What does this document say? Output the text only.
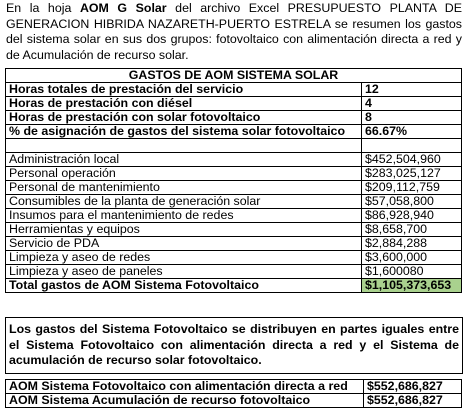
En la hoja AOM G Solar del archivo Excel PRESUPUESTO PLANTA DE GENERACION HIBRIDA NAZARETH-PUERTO ESTRELA se resumen los gastos del sistema solar en sus dos grupos: fotovoltaico con alimentación directa a red y de Acumulación de recurso solar.

GASTOS DE AOM SISTEMA SOLAR	
Horas totales de prestación del servicio	12
Horas de prestación con diésel	4
Horas de prestación con solar fotovoltaico	8
% de asignación de gastos del sistema solar fotovoltaico	66.67%

Administración local	$452,504,960
Personal operación	$283,025,127
Personal de mantenimiento	$209,112,759
Consumibles de la planta de generación solar	$57,058,800
Insumos para el mantenimiento de redes	$86,928,940
Herramientas y equipos	$8,658,700
Servicio de PDA	$2,884,288
Limpieza y aseo de redes	$3,600,000
Limpieza y aseo de paneles	$1,600080
Total gastos de AOM Sistema Fotovoltaico	$1,105,373,653
Los gastos del Sistema Fotovoltaico se distribuyen en partes iguales entre el Sistema Fotovoltaico con alimentación directa a red y el Sistema de acumulación de recurso solar fotovoltaico.
AOM Sistema Fotovoltaico con alimentación directa a red	$552,686,827
AOM Sistema Acumulación de recurso fotovoltaico	$552,686,827
